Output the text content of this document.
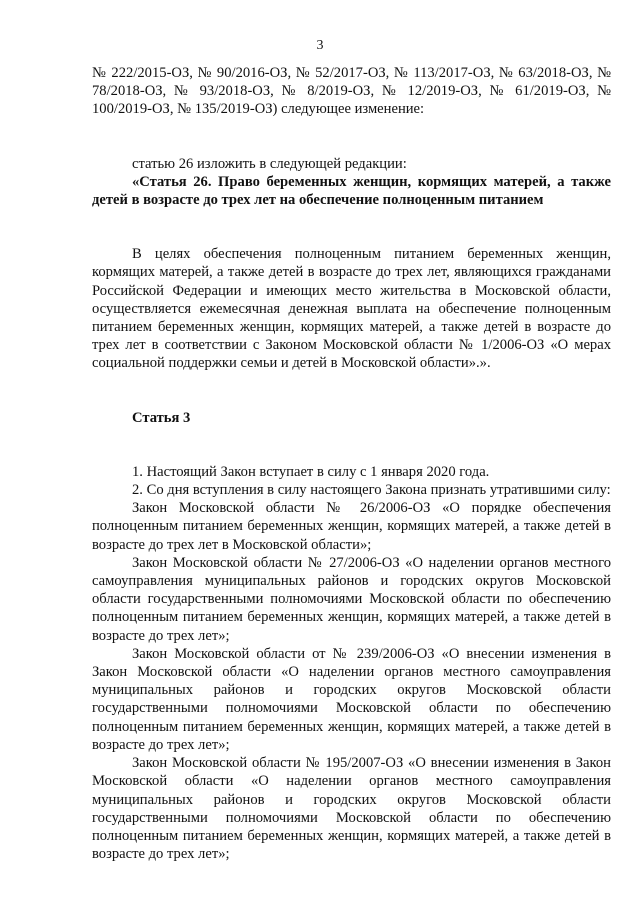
3

№ 222/2015-ОЗ, № 90/2016-ОЗ, № 52/2017-ОЗ, № 113/2017-ОЗ, № 63/2018-ОЗ, № 78/2018-ОЗ, № 93/2018-ОЗ, № 8/2019-ОЗ, № 12/2019-ОЗ, № 61/2019-ОЗ, № 100/2019-ОЗ, № 135/2019-ОЗ) следующее изменение:

статью 26 изложить в следующей редакции:

«Статья 26. Право беременных женщин, кормящих матерей, а также детей в возрасте до трех лет на обеспечение полноценным питанием

В целях обеспечения полноценным питанием беременных женщин, кормящих матерей, а также детей в возрасте до трех лет, являющихся гражданами Российской Федерации и имеющих место жительства в Московской области, осуществляется ежемесячная денежная выплата на обеспечение полноценным питанием беременных женщин, кормящих матерей, а также детей в возрасте до трех лет в соответствии с Законом Московской области № 1/2006-ОЗ «О мерах социальной поддержки семьи и детей в Московской области».».

Статья 3

1. Настоящий Закон вступает в силу с 1 января 2020 года.

2. Со дня вступления в силу настоящего Закона признать утратившими силу:

Закон Московской области № 26/2006-ОЗ «О порядке обеспечения полноценным питанием беременных женщин, кормящих матерей, а также детей в возрасте до трех лет в Московской области»;

Закон Московской области № 27/2006-ОЗ «О наделении органов местного самоуправления муниципальных районов и городских округов Московской области государственными полномочиями Московской области по обеспечению полноценным питанием беременных женщин, кормящих матерей, а также детей в возрасте до трех лет»;

Закон Московской области от № 239/2006-ОЗ «О внесении изменения в Закон Московской области «О наделении органов местного самоуправления муниципальных районов и городских округов Московской области государственными полномочиями Московской области по обеспечению полноценным питанием беременных женщин, кормящих матерей, а также детей в возрасте до трех лет»;

Закон Московской области № 195/2007-ОЗ «О внесении изменения в Закон Московской области «О наделении органов местного самоуправления муниципальных районов и городских округов Московской области государственными полномочиями Московской области по обеспечению полноценным питанием беременных женщин, кормящих матерей, а также детей в возрасте до трех лет»;
